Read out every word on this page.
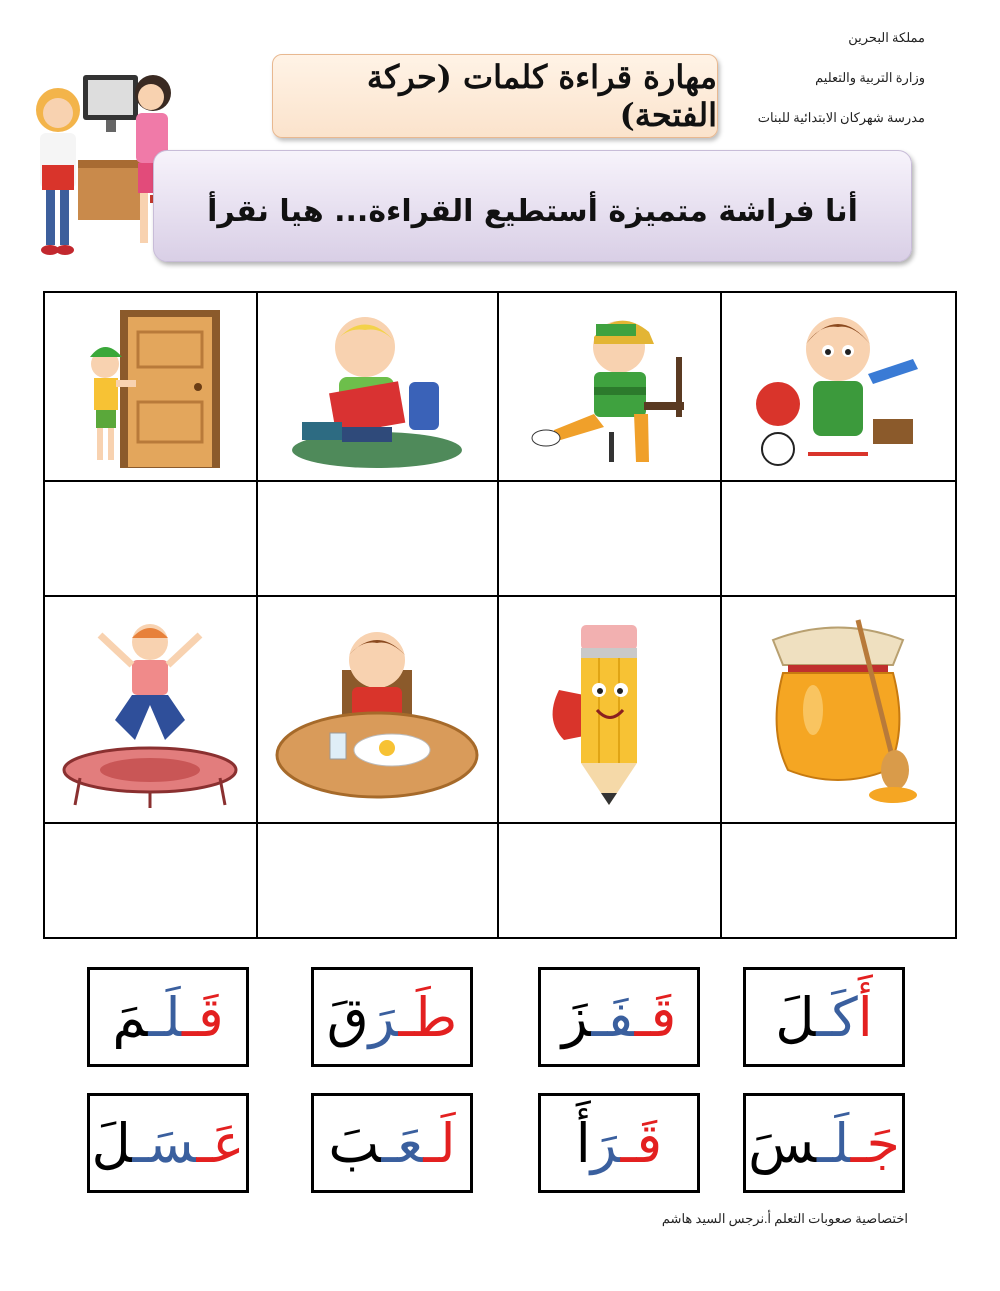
مملكة البحرين
وزارة التربية والتعليم
مدرسة شهركان الابتدائية للبنات
مهارة قراءة كلمات (حركة الفتحة)
أنا فراشة متميزة أستطيع القراءة... هيا نقرأ

أَكَـلَ
قَـفَـزَ
طَـرَقَ
قَـلَـمَ
جَـلَـسَ
قَـرَأَ
لَـعَـبَ
عَـسَـلَ
اختصاصية صعوبات التعلم أ.نرجس السيد هاشم
